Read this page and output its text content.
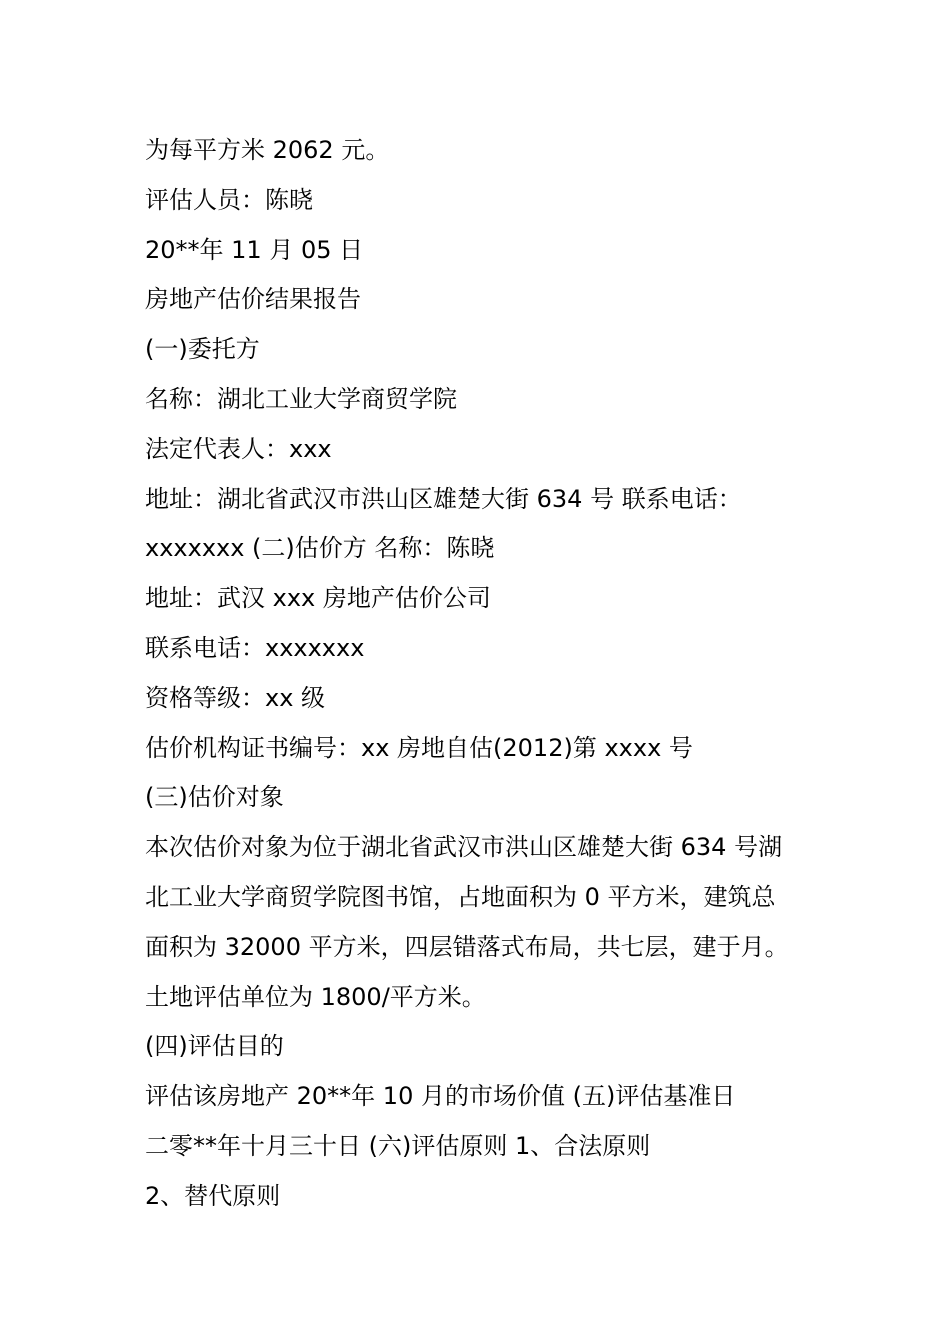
为每平方米 2062 元。
评估人员：陈晓
20**年 11 月 05 日
房地产估价结果报告
(一)委托方
名称：湖北工业大学商贸学院
法定代表人：xxx
地址：湖北省武汉市洪山区雄楚大街 634 号 联系电话：
xxxxxxx (二)估价方 名称：陈晓
地址：武汉 xxx 房地产估价公司
联系电话：xxxxxxx
资格等级：xx 级
估价机构证书编号：xx 房地自估(2012)第 xxxx 号
(三)估价对象
本次估价对象为位于湖北省武汉市洪山区雄楚大街 634 号湖
北工业大学商贸学院图书馆，占地面积为 0 平方米，建筑总
面积为 32000 平方米，四层错落式布局，共七层，建于月。
土地评估单位为 1800/平方米。
(四)评估目的
评估该房地产 20**年 10 月的市场价值 (五)评估基准日
二零**年十月三十日 (六)评估原则 1、合法原则
2、替代原则
